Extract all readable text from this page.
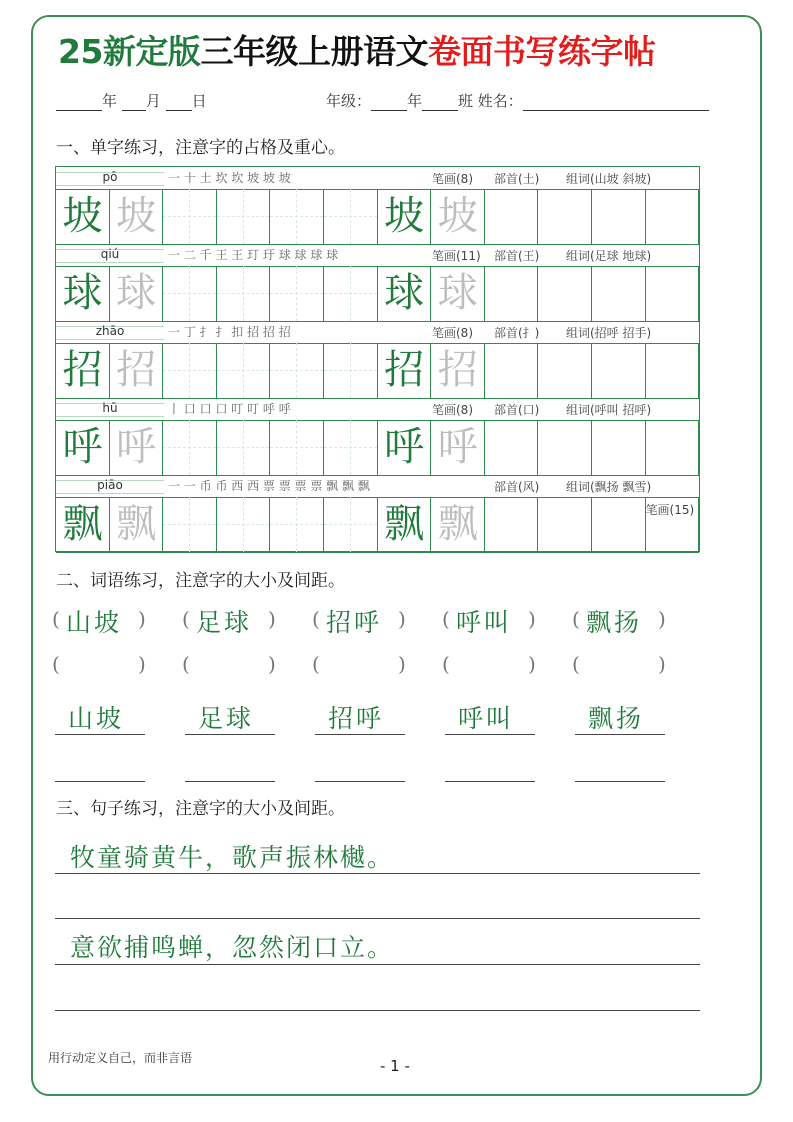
25新定版三年级上册语文卷面书写练字帖
年 月 日	年级： 年 班 姓名：
一、单字练习，注意字的占格及重心。
pō	一 十 土 坎 坎 坡 坡 坡	笔画(8) 部首(土) 组词(山坡 斜坡)
坡 坡	坡 坡
qiú	一 二 千 王 王 玎 玗 球 球 球 球	笔画(11) 部首(王) 组词(足球 地球)
球 球	球 球
zhāo	一 丁 扌 扌 扣 招 招 招	笔画(8) 部首(扌) 组词(招呼 招手)
招 招	招 招
hū	丨 口 口 口 叮 叮 呼 呼	笔画(8) 部首(口) 组词(呼叫 招呼)
呼 呼	呼 呼
piāo	一 一 币 币 西 西 票 票 票 票 飘 飘 飘	部首(风) 组词(飘扬 飘雪)
飘 飘	飘 飘	笔画(15)
二、词语练习，注意字的大小及间距。
( 山坡 )
(	)
山坡
( 足球 )
(	)
足球
( 招呼 )
(	)
招呼
( 呼叫 )
(	)
呼叫
( 飘扬 )
(	)
飘扬
三、句子练习，注意字的大小及间距。
牧童骑黄牛，歌声振林樾。
意欲捕鸣蝉，忽然闭口立。
用行动定义自己，而非言语	- 1 -
